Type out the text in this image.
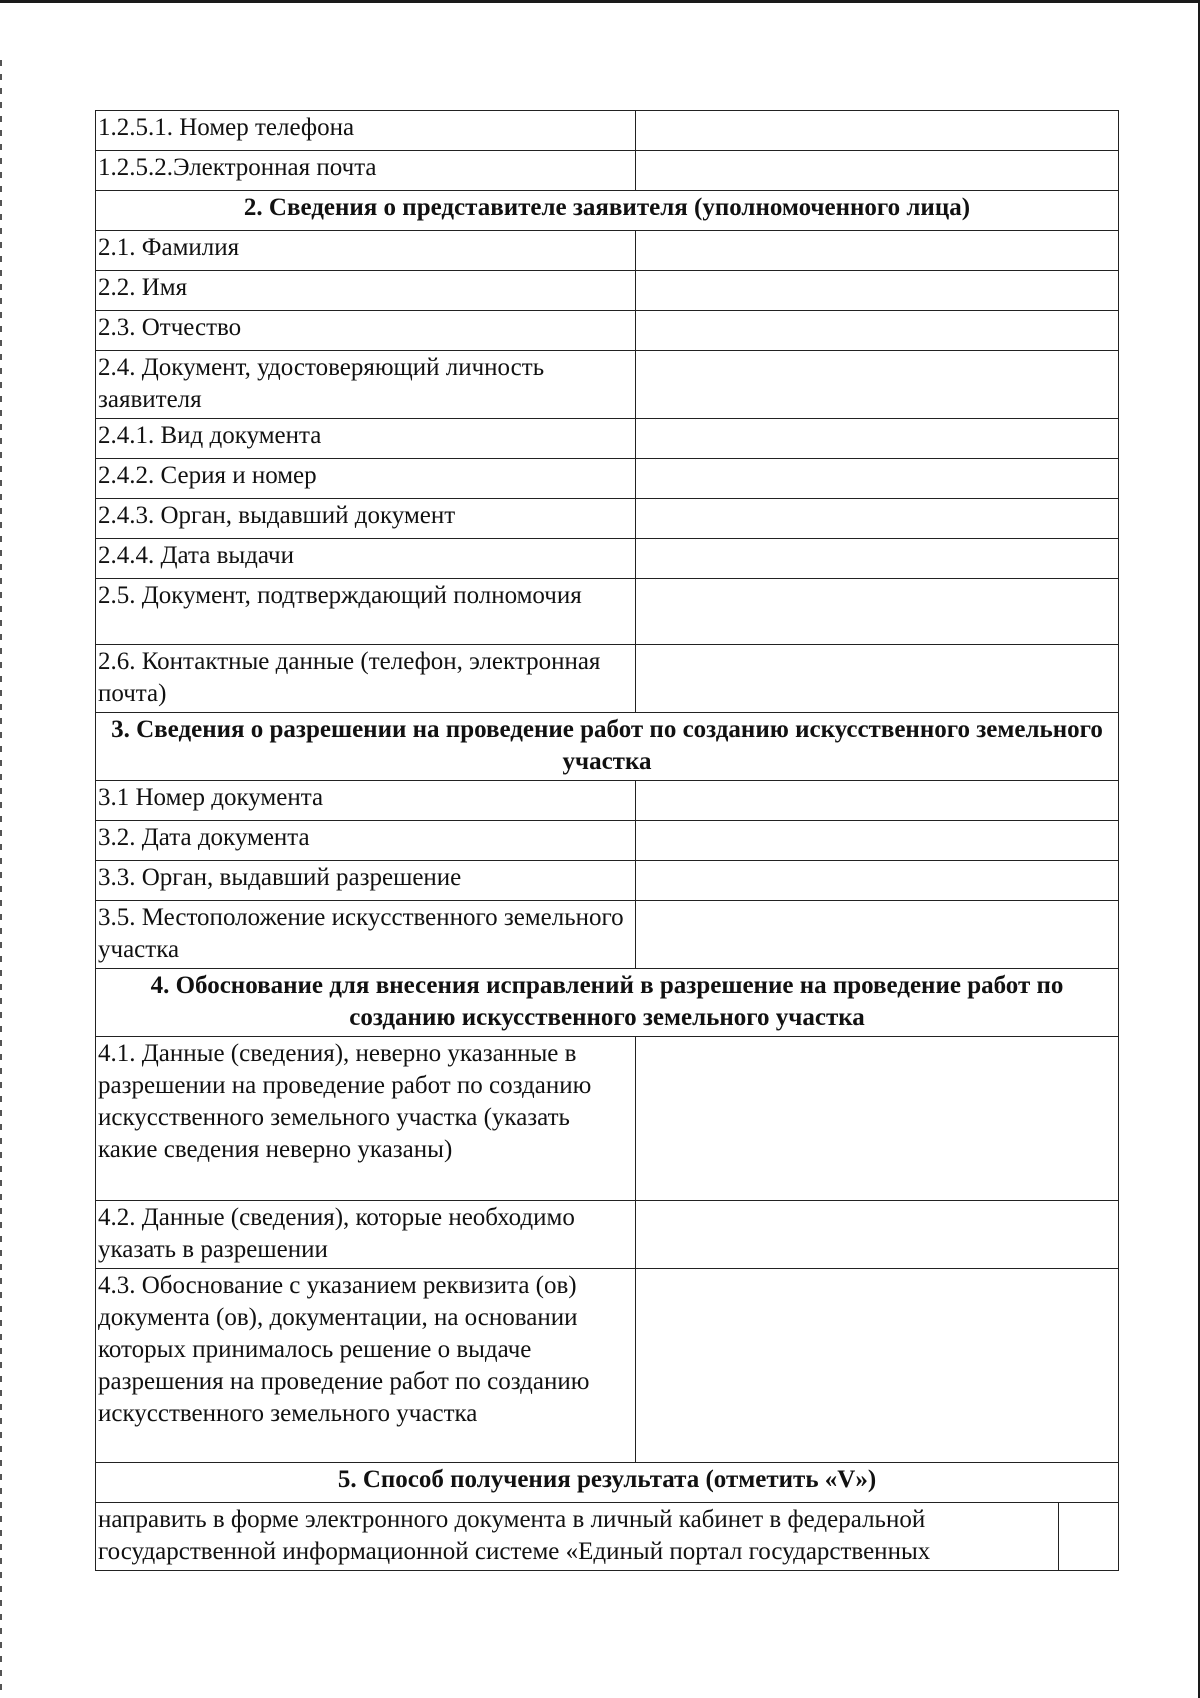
1.2.5.1. Номер телефона		
1.2.5.2.Электронная почта		
2. Сведения о представителе заявителя (уполномоченного лица)		
2.1. Фамилия		
2.2. Имя		
2.3. Отчество		
2.4. Документ, удостоверяющий личность заявителя		
2.4.1. Вид документа		
2.4.2. Серия и номер		
2.4.3. Орган, выдавший документ		
2.4.4. Дата выдачи		
2.5. Документ, подтверждающий полномочия		
2.6. Контактные данные (телефон, электронная почта)		
3. Сведения о разрешении на проведение работ по созданию искусственного земельного участка		
3.1 Номер документа		
3.2. Дата документа		
3.3. Орган, выдавший разрешение		
3.5. Местоположение искусственного земельного участка		
4. Обоснование для внесения исправлений в разрешение на проведение работ по созданию искусственного земельного участка		
4.1. Данные (сведения), неверно указанные в разрешении на проведение работ по созданию искусственного земельного участка (указать какие сведения неверно указаны)		
4.2. Данные (сведения), которые необходимо указать в разрешении		
4.3. Обоснование с указанием реквизита (ов) документа (ов), документации, на основании которых принималось решение о выдаче разрешения на проведение работ по созданию искусственного земельного участка		
5. Способ получения результата (отметить «V»)		
направить в форме электронного документа в личный кабинет в федеральной государственной информационной системе «Единый портал государственных		
